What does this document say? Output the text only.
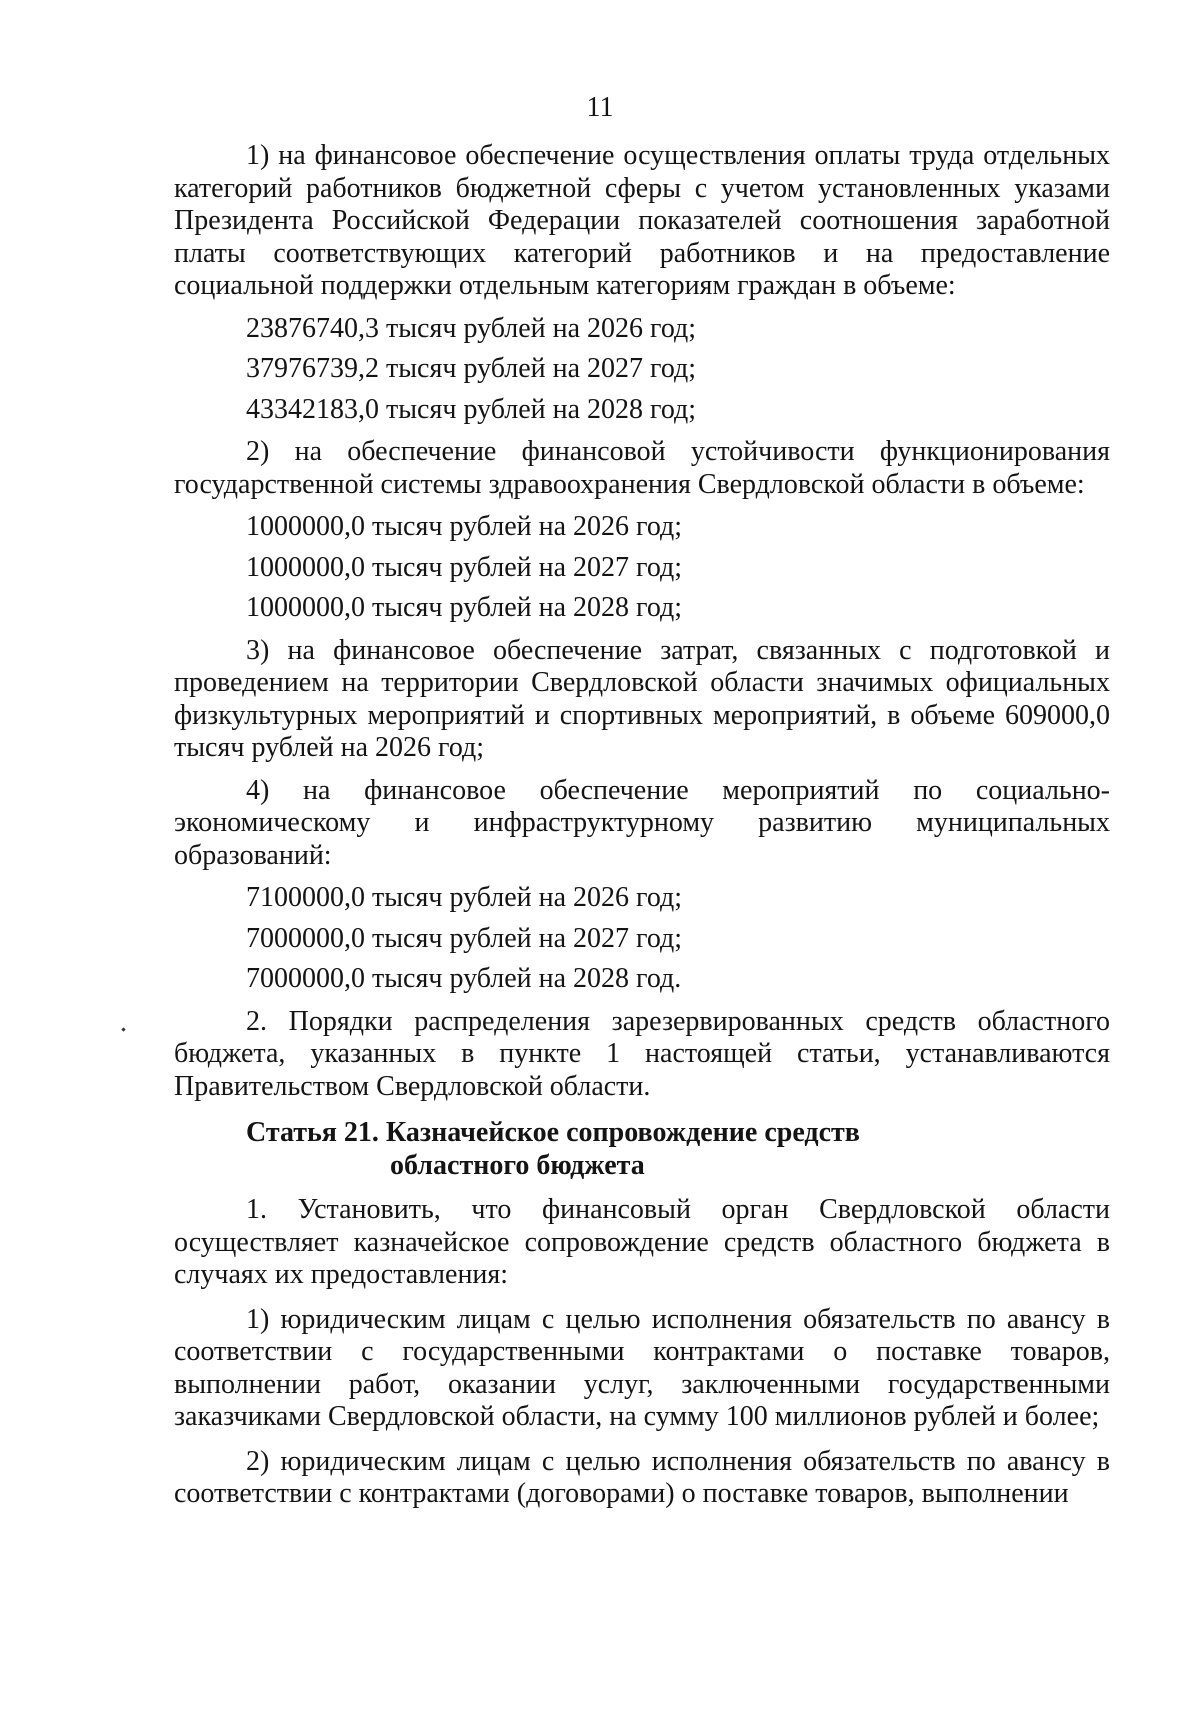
11

1) на финансовое обеспечение осуществления оплаты труда отдельных категорий работников бюджетной сферы с учетом установленных указами Президента Российской Федерации показателей соотношения заработной платы соответствующих категорий работников и на предоставление социальной поддержки отдельным категориям граждан в объеме:

23876740,3 тысяч рублей на 2026 год;

37976739,2 тысяч рублей на 2027 год;

43342183,0 тысяч рублей на 2028 год;

2) на обеспечение финансовой устойчивости функционирования государственной системы здравоохранения Свердловской области в объеме:

1000000,0 тысяч рублей на 2026 год;

1000000,0 тысяч рублей на 2027 год;

1000000,0 тысяч рублей на 2028 год;

3) на финансовое обеспечение затрат, связанных с подготовкой и проведением на территории Свердловской области значимых официальных физкультурных мероприятий и спортивных мероприятий, в объеме 609000,0 тысяч рублей на 2026 год;

4) на финансовое обеспечение мероприятий по социально-экономическому и инфраструктурному развитию муниципальных образований:

7100000,0 тысяч рублей на 2026 год;

7000000,0 тысяч рублей на 2027 год;

7000000,0 тысяч рублей на 2028 год.

2. Порядки распределения зарезервированных средств областного бюджета, указанных в пункте 1 настоящей статьи, устанавливаются Правительством Свердловской области.

Статья 21. Казначейское сопровождение средств
областного бюджета

1. Установить, что финансовый орган Свердловской области осуществляет казначейское сопровождение средств областного бюджета в случаях их предоставления:

1) юридическим лицам с целью исполнения обязательств по авансу в соответствии с государственными контрактами о поставке товаров, выполнении работ, оказании услуг, заключенными государственными заказчиками Свердловской области, на сумму 100 миллионов рублей и более;

2) юридическим лицам с целью исполнения обязательств по авансу в соответствии с контрактами (договорами) о поставке товаров, выполнении
